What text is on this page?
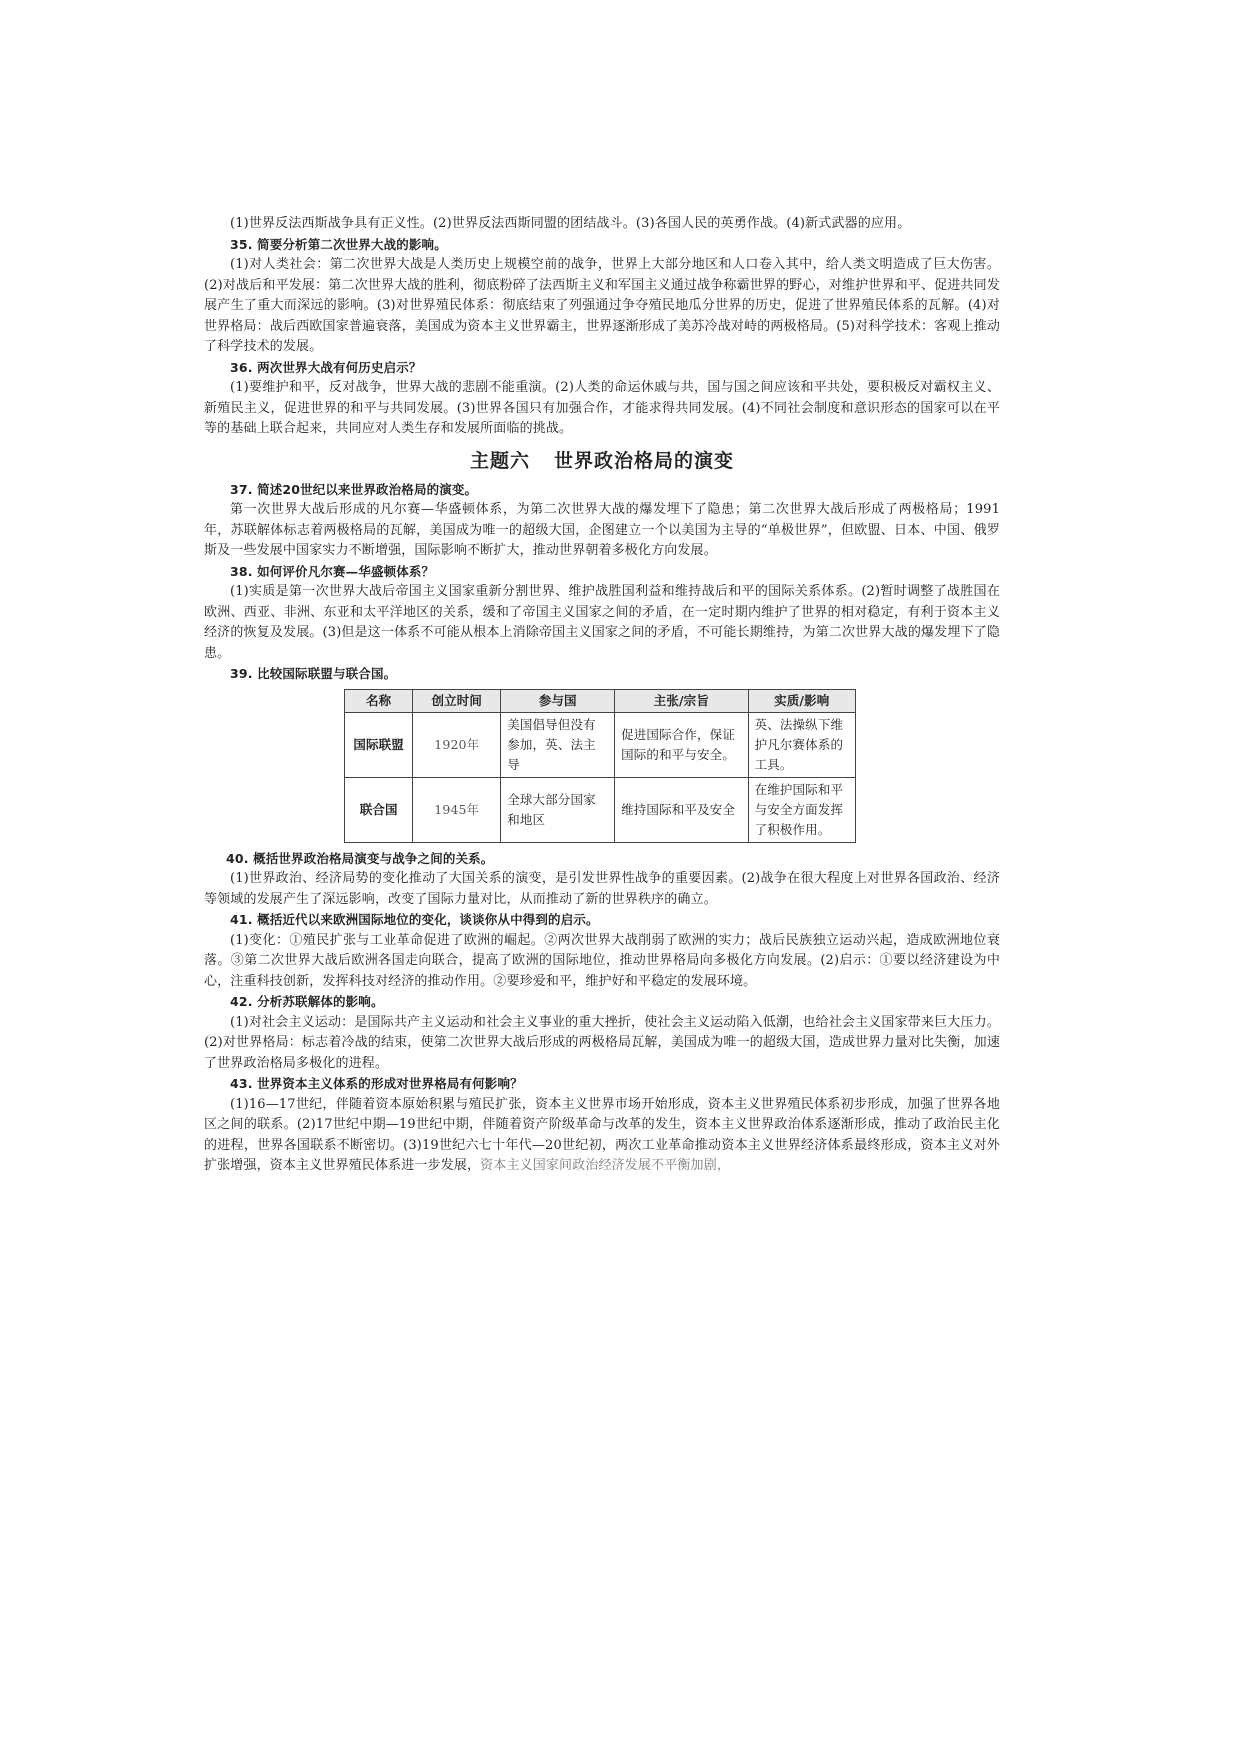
(1)世界反法西斯战争具有正义性。(2)世界反法西斯同盟的团结战斗。(3)各国人民的英勇作战。(4)新式武器的应用。

35. 简要分析第二次世界大战的影响。

(1)对人类社会：第二次世界大战是人类历史上规模空前的战争，世界上大部分地区和人口卷入其中，给人类文明造成了巨大伤害。(2)对战后和平发展：第二次世界大战的胜利，彻底粉碎了法西斯主义和军国主义通过战争称霸世界的野心，对维护世界和平、促进共同发展产生了重大而深远的影响。(3)对世界殖民体系：彻底结束了列强通过争夺殖民地瓜分世界的历史，促进了世界殖民体系的瓦解。(4)对世界格局：战后西欧国家普遍衰落，美国成为资本主义世界霸主，世界逐渐形成了美苏冷战对峙的两极格局。(5)对科学技术：客观上推动了科学技术的发展。

36. 两次世界大战有何历史启示？

(1)要维护和平，反对战争，世界大战的悲剧不能重演。(2)人类的命运休戚与共，国与国之间应该和平共处，要积极反对霸权主义、新殖民主义，促进世界的和平与共同发展。(3)世界各国只有加强合作，才能求得共同发展。(4)不同社会制度和意识形态的国家可以在平等的基础上联合起来，共同应对人类生存和发展所面临的挑战。

主题六 世界政治格局的演变

37. 简述20世纪以来世界政治格局的演变。

第一次世界大战后形成的凡尔赛—华盛顿体系，为第二次世界大战的爆发埋下了隐患；第二次世界大战后形成了两极格局；1991年，苏联解体标志着两极格局的瓦解，美国成为唯一的超级大国，企图建立一个以美国为主导的“单极世界”，但欧盟、日本、中国、俄罗斯及一些发展中国家实力不断增强，国际影响不断扩大，推动世界朝着多极化方向发展。

38. 如何评价凡尔赛—华盛顿体系？

(1)实质是第一次世界大战后帝国主义国家重新分割世界、维护战胜国利益和维持战后和平的国际关系体系。(2)暂时调整了战胜国在欧洲、西亚、非洲、东亚和太平洋地区的关系，缓和了帝国主义国家之间的矛盾，在一定时期内维护了世界的相对稳定，有利于资本主义经济的恢复及发展。(3)但是这一体系不可能从根本上消除帝国主义国家之间的矛盾，不可能长期维持，为第二次世界大战的爆发埋下了隐患。

39. 比较国际联盟与联合国。

名称	创立时间	参与国	主张/宗旨	实质/影响
国际联盟	1920年	美国倡导但没有参加，英、法主导	促进国际合作，保证国际的和平与安全。	英、法操纵下维护凡尔赛体系的工具。
联合国	1945年	全球大部分国家和地区	维持国际和平及安全	在维护国际和平与安全方面发挥了积极作用。

40. 概括世界政治格局演变与战争之间的关系。

(1)世界政治、经济局势的变化推动了大国关系的演变，是引发世界性战争的重要因素。(2)战争在很大程度上对世界各国政治、经济等领域的发展产生了深远影响，改变了国际力量对比，从而推动了新的世界秩序的确立。

41. 概括近代以来欧洲国际地位的变化，谈谈你从中得到的启示。

(1)变化：①殖民扩张与工业革命促进了欧洲的崛起。②两次世界大战削弱了欧洲的实力；战后民族独立运动兴起，造成欧洲地位衰落。③第二次世界大战后欧洲各国走向联合，提高了欧洲的国际地位，推动世界格局向多极化方向发展。(2)启示：①要以经济建设为中心，注重科技创新，发挥科技对经济的推动作用。②要珍爱和平，维护好和平稳定的发展环境。

42. 分析苏联解体的影响。

(1)对社会主义运动：是国际共产主义运动和社会主义事业的重大挫折，使社会主义运动陷入低潮，也给社会主义国家带来巨大压力。(2)对世界格局：标志着冷战的结束，使第二次世界大战后形成的两极格局瓦解，美国成为唯一的超级大国，造成世界力量对比失衡，加速了世界政治格局多极化的进程。

43. 世界资本主义体系的形成对世界格局有何影响？

(1)16—17世纪，伴随着资本原始积累与殖民扩张，资本主义世界市场开始形成，资本主义世界殖民体系初步形成，加强了世界各地区之间的联系。(2)17世纪中期—19世纪中期，伴随着资产阶级革命与改革的发生，资本主义世界政治体系逐渐形成，推动了政治民主化的进程，世界各国联系不断密切。(3)19世纪六七十年代—20世纪初，两次工业革命推动资本主义世界经济体系最终形成，资本主义对外扩张增强，资本主义世界殖民体系进一步发展，资本主义国家间政治经济发展不平衡加剧，
